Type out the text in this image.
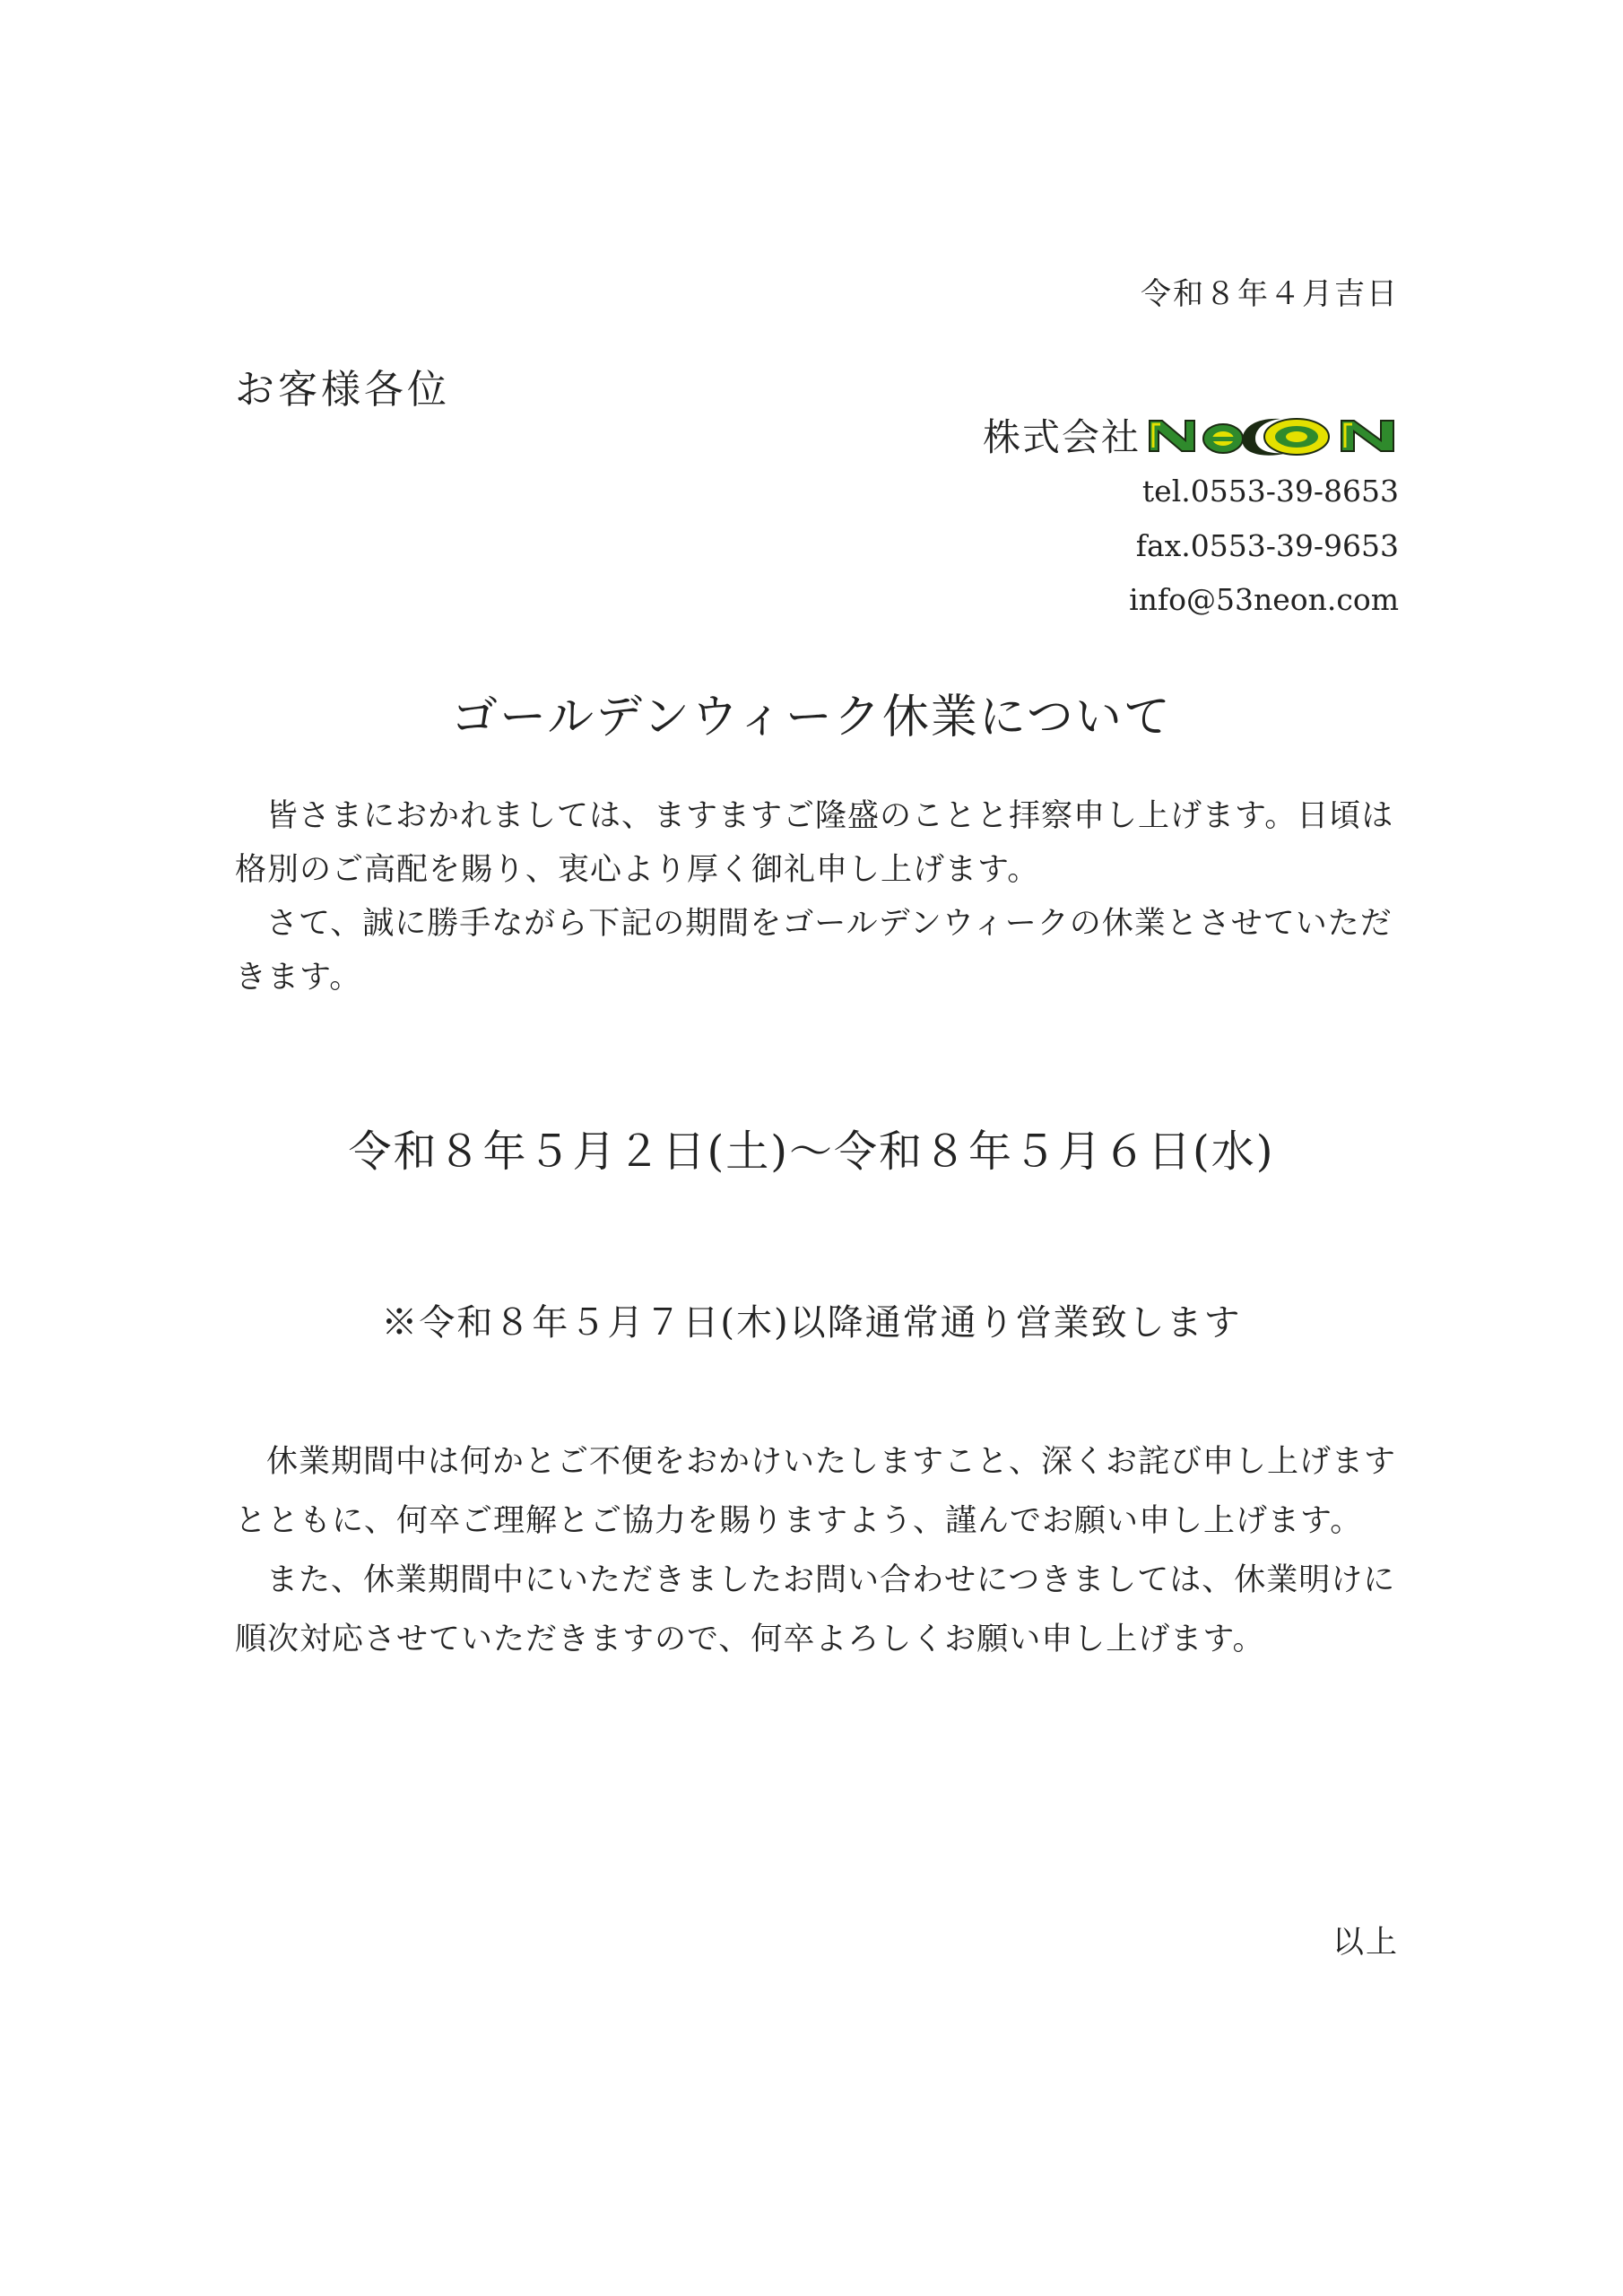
令和８年４月吉日
お客様各位
株式会社
tel.0553-39-8653
fax.0553-39-9653
info@53neon.com
ゴールデンウィーク休業について

皆さまにおかれましては、ますますご隆盛のことと拝察申し上げます。日頃は格別のご高配を賜り、衷心より厚く御礼申し上げます。

さて、誠に勝手ながら下記の期間をゴールデンウィークの休業とさせていただきます。

令和８年５月２日(土)～令和８年５月６日(水)
※令和８年５月７日(木)以降通常通り営業致します

休業期間中は何かとご不便をおかけいたしますこと、深くお詫び申し上げますとともに、何卒ご理解とご協力を賜りますよう、謹んでお願い申し上げます。

また、休業期間中にいただきましたお問い合わせにつきましては、休業明けに順次対応させていただきますので、何卒よろしくお願い申し上げます。

以上
